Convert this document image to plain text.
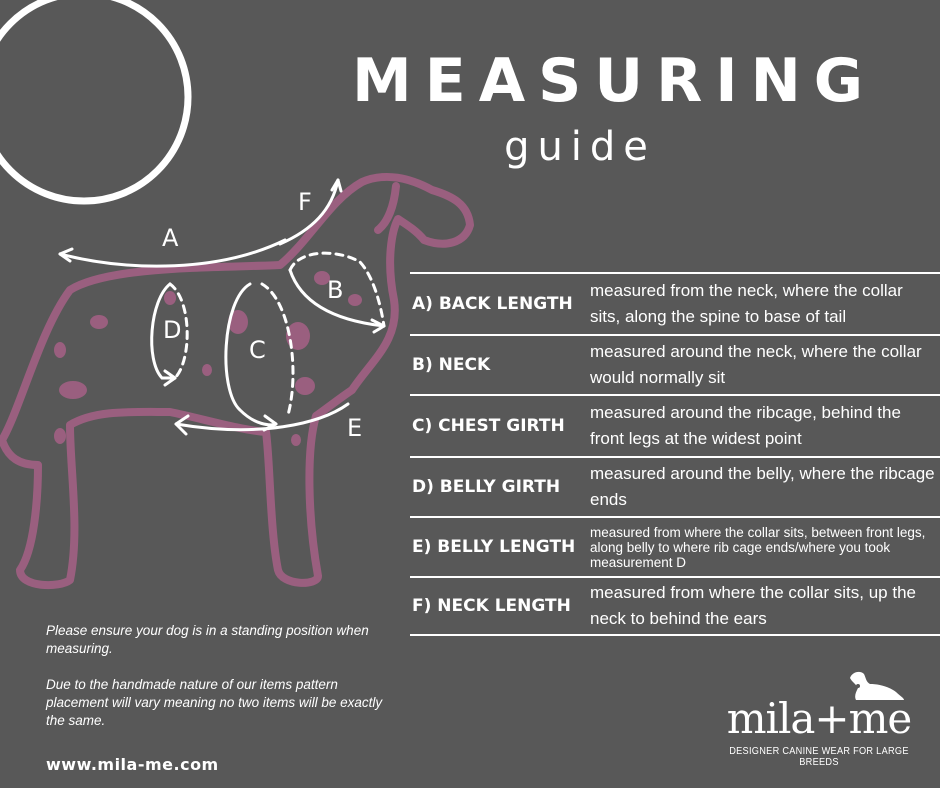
A
F
B
C
D
E
MEASURING
guide
A) BACK LENGTH
measured from the neck, where the collar sits, along the spine to base of tail
B) NECK
measured around the neck, where the collar would normally sit
C) CHEST GIRTH
measured around the ribcage, behind the front legs at the widest point
D) BELLY GIRTH
measured around the belly, where the ribcage ends
E) BELLY LENGTH
measured from where the collar sits, between front legs, along belly to where rib cage ends/where you took measurement D
F) NECK LENGTH
measured from where the collar sits, up the neck to behind the ears

Please ensure your dog is in a standing position when measuring.

Due to the handmade nature of our items pattern placement will vary meaning no two items will be exactly the same.

www.mila-me.com
mila+me
DESIGNER CANINE WEAR FOR LARGE BREEDS
